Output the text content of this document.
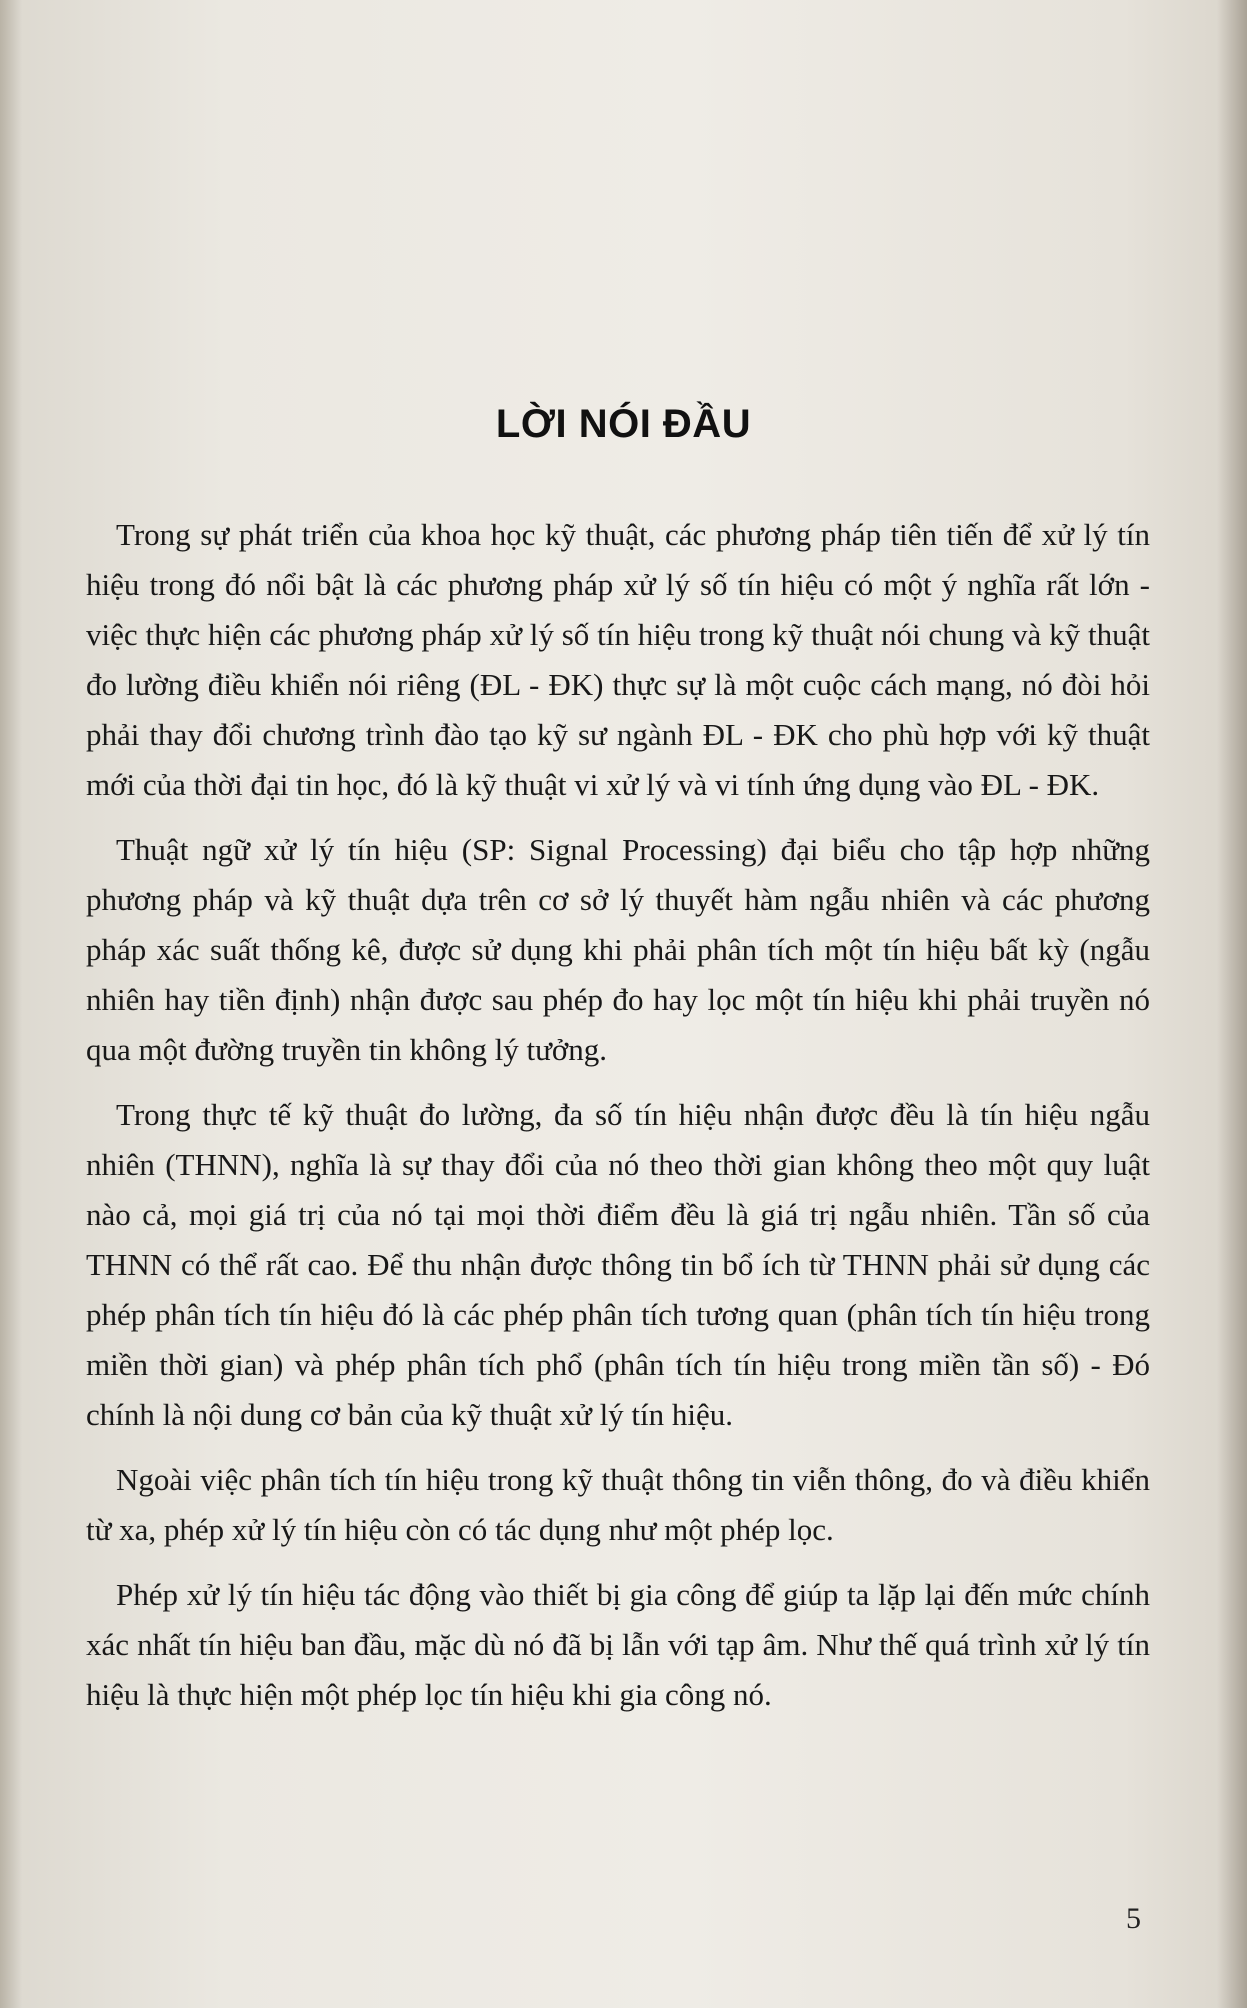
LỜI NÓI ĐẦU

Trong sự phát triển của khoa học kỹ thuật, các phương pháp tiên tiến để xử lý tín hiệu trong đó nổi bật là các phương pháp xử lý số tín hiệu có một ý nghĩa rất lớn - việc thực hiện các phương pháp xử lý số tín hiệu trong kỹ thuật nói chung và kỹ thuật đo lường điều khiển nói riêng (ĐL - ĐK) thực sự là một cuộc cách mạng, nó đòi hỏi phải thay đổi chương trình đào tạo kỹ sư ngành ĐL - ĐK cho phù hợp với kỹ thuật mới của thời đại tin học, đó là kỹ thuật vi xử lý và vi tính ứng dụng vào ĐL - ĐK.

Thuật ngữ xử lý tín hiệu (SP: Signal Processing) đại biểu cho tập hợp những phương pháp và kỹ thuật dựa trên cơ sở lý thuyết hàm ngẫu nhiên và các phương pháp xác suất thống kê, được sử dụng khi phải phân tích một tín hiệu bất kỳ (ngẫu nhiên hay tiền định) nhận được sau phép đo hay lọc một tín hiệu khi phải truyền nó qua một đường truyền tin không lý tưởng.

Trong thực tế kỹ thuật đo lường, đa số tín hiệu nhận được đều là tín hiệu ngẫu nhiên (THNN), nghĩa là sự thay đổi của nó theo thời gian không theo một quy luật nào cả, mọi giá trị của nó tại mọi thời điểm đều là giá trị ngẫu nhiên. Tần số của THNN có thể rất cao. Để thu nhận được thông tin bổ ích từ THNN phải sử dụng các phép phân tích tín hiệu đó là các phép phân tích tương quan (phân tích tín hiệu trong miền thời gian) và phép phân tích phổ (phân tích tín hiệu trong miền tần số) - Đó chính là nội dung cơ bản của kỹ thuật xử lý tín hiệu.

Ngoài việc phân tích tín hiệu trong kỹ thuật thông tin viễn thông, đo và điều khiển từ xa, phép xử lý tín hiệu còn có tác dụng như một phép lọc.

Phép xử lý tín hiệu tác động vào thiết bị gia công để giúp ta lặp lại đến mức chính xác nhất tín hiệu ban đầu, mặc dù nó đã bị lẫn với tạp âm. Như thế quá trình xử lý tín hiệu là thực hiện một phép lọc tín hiệu khi gia công nó.

5
